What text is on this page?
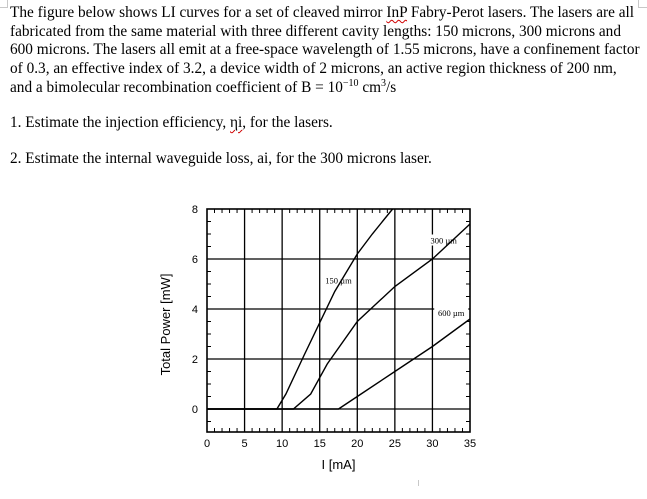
The figure below shows LI curves for a set of cleaved mirror InP Fabry-Perot lasers. The lasers are all fabricated from the same material with three different cavity lengths: 150 microns, 300 microns and 600 microns. The lasers all emit at a free-space wavelength of 1.55 microns, have a confinement factor of 0.3, an effective index of 3.2, a device width of 2 microns, an active region thickness of 200 nm, and a bimolecular recombination coefficient of $B = 10^{-10}$ $cm^3/s$
1. Estimate the injection efficiency, ηi, for the lasers.
2. Estimate the internal waveguide loss, ai, for the 300 microns laser.
0	5	10 15 20 25 30 35
0
2
4
6
8
I [mA]
Total Power [mW]	150 µm
300 µm
600 µm
